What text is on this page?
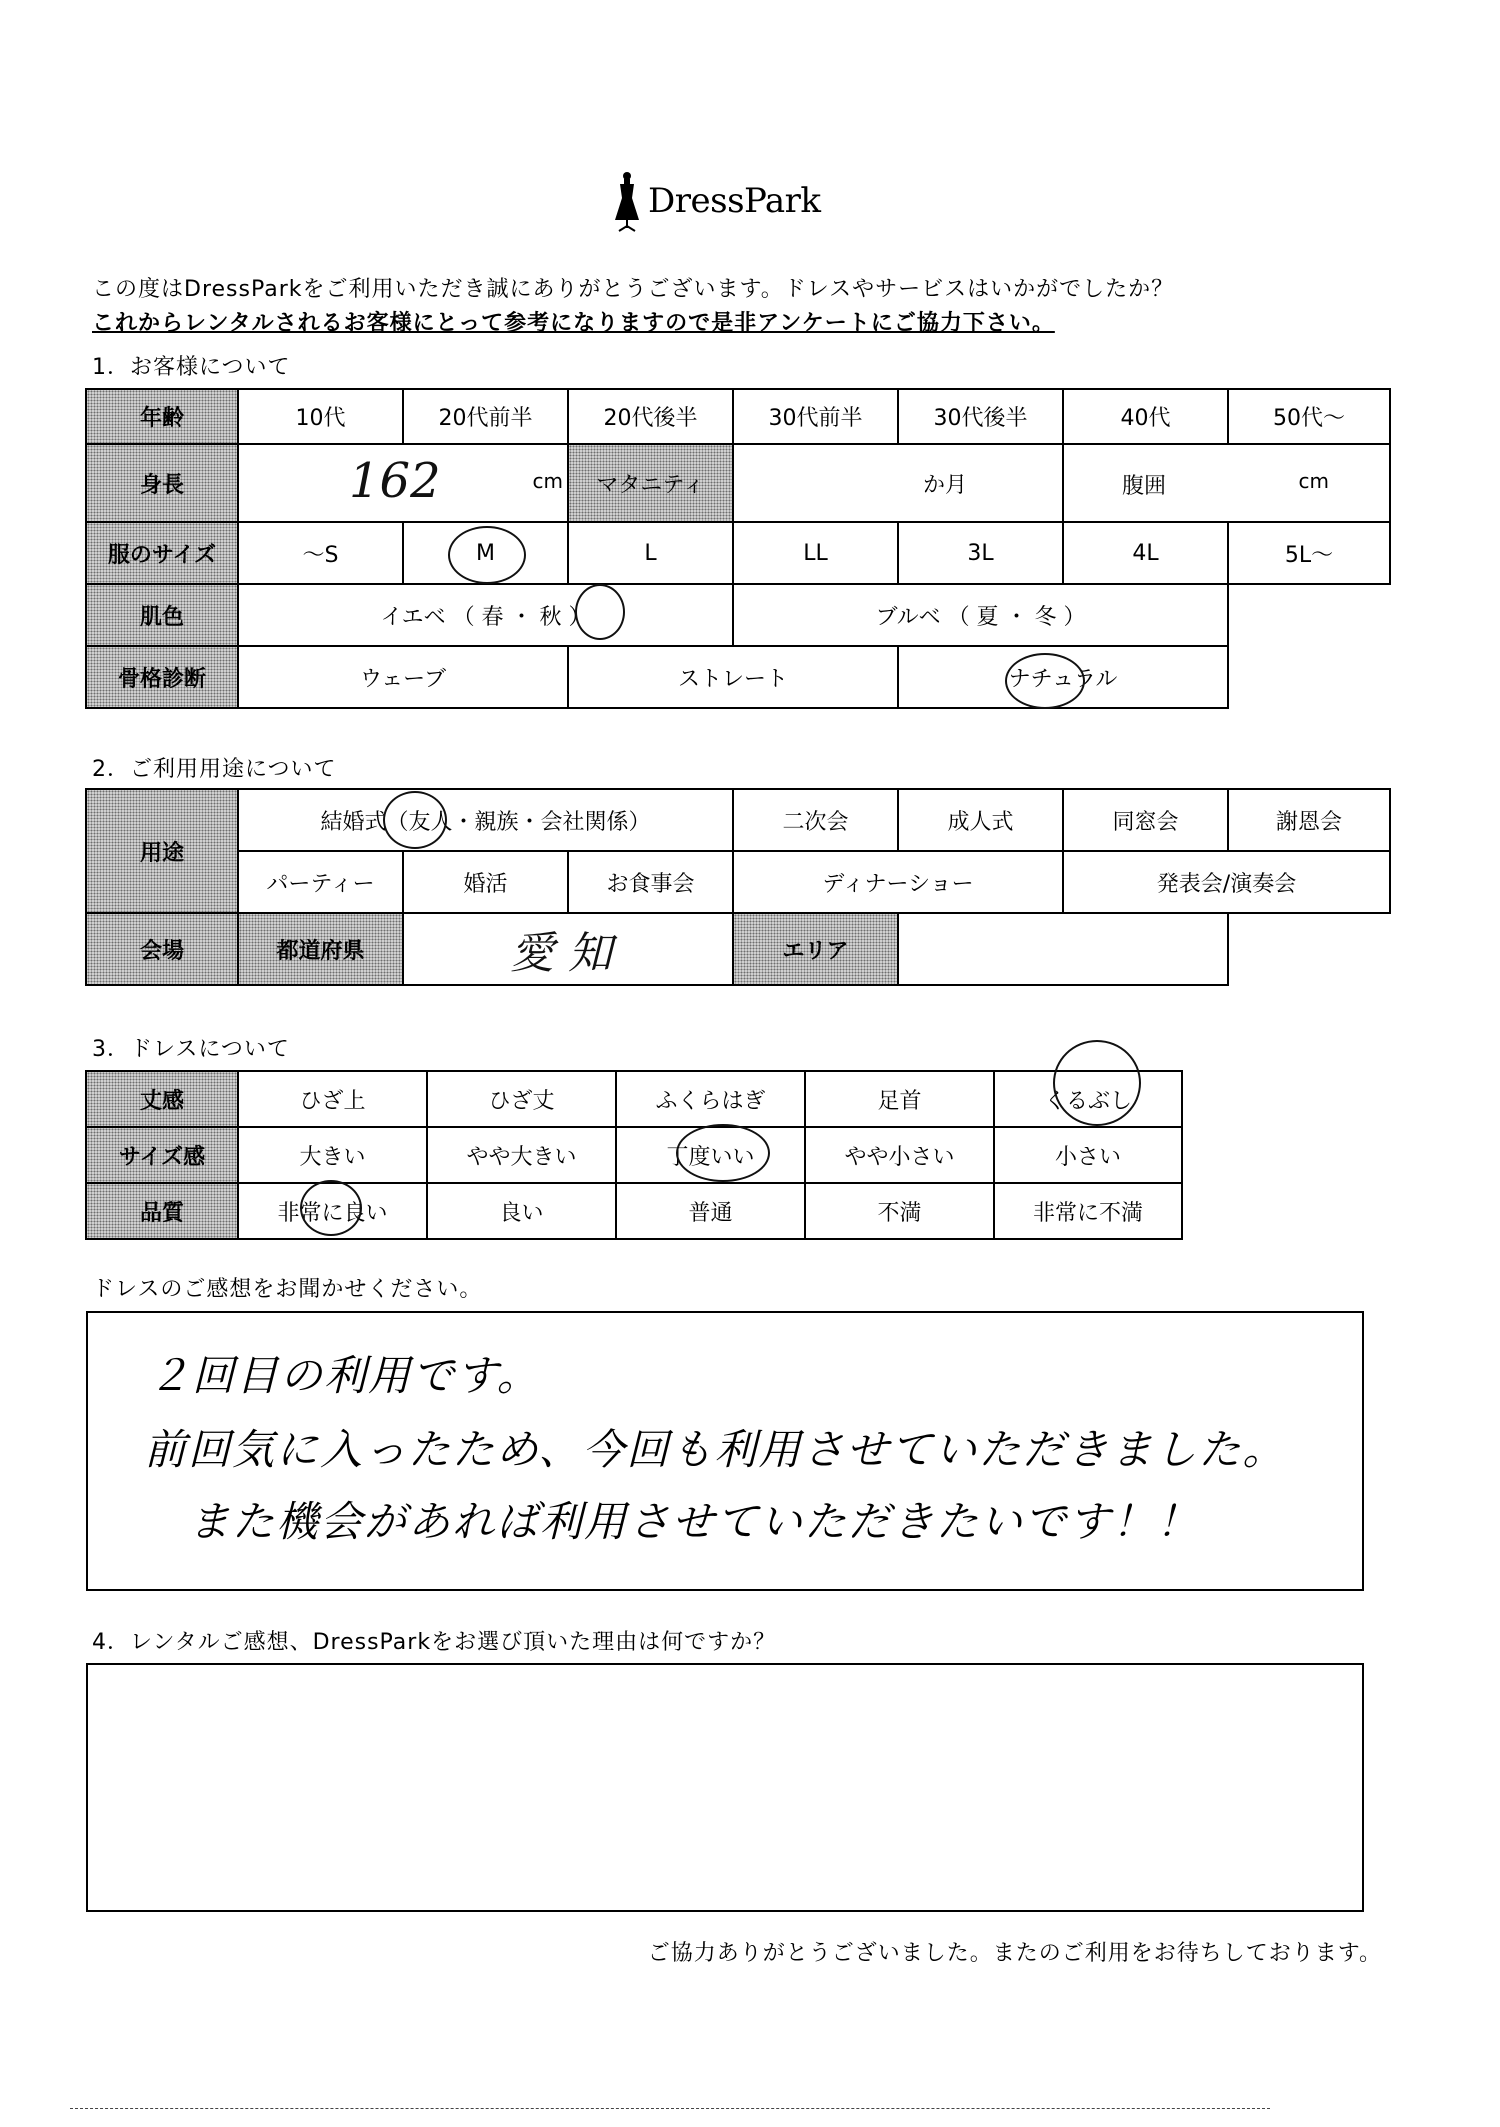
DressPark
この度はDressParkをご利用いただき誠にありがとうございます。ドレスやサービスはいかがでしたか？
これからレンタルされるお客様にとって参考になりますので是非アンケートにご協力下さい。
1．お客様について
年齢	10代	20代前半	20代後半	30代前半	30代後半	40代	50代～
身長	162 cm		マタニティ	か月		腹囲 cm	

服のサイズ	～S	M	L	LL	3L	4L	5L～
肌色	イエベ （ 春 ・ 秋 ）			ブルベ （ 夏 ・ 冬 ）			
骨格診断	ウェーブ		ストレート		ナチュラル		
2．ご利用用途について
用途	結婚式（友人・親族・会社関係）			二次会	成人式	同窓会	謝恩会
	パーティー	婚活	お食事会	ディナーショー		発表会/演奏会	
会場	都道府県	愛知		エリア			
3．ドレスについて
丈感	ひざ上	ひざ丈	ふくらはぎ	足首	くるぶし
サイズ感	大きい	やや大きい	丁度いい	やや小さい	小さい
品質	非常に良い	良い	普通	不満	非常に不満
ドレスのご感想をお聞かせください。
２回目の利用です。
前回気に入ったため、今回も利用させていただきました。
また機会があれば利用させていただきたいです！！
4．レンタルご感想、DressParkをお選び頂いた理由は何ですか？
ご協力ありがとうございました。またのご利用をお待ちしております。
